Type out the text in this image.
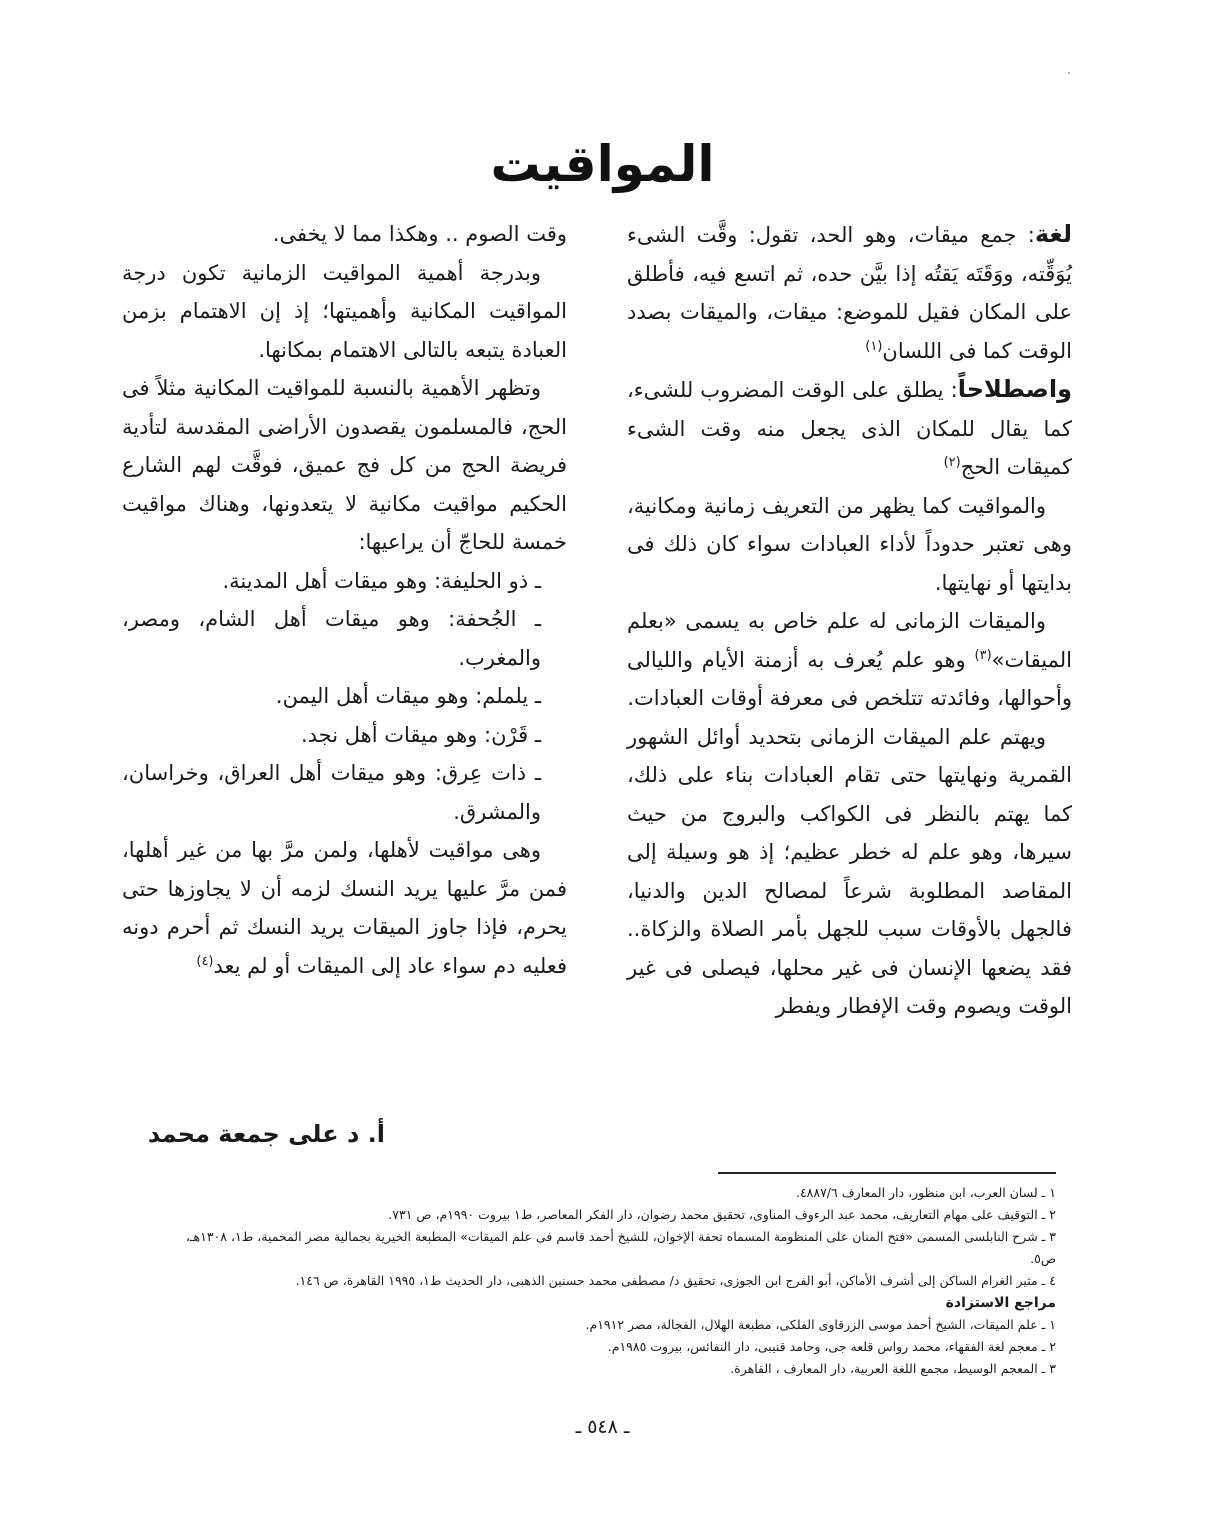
المواقيت

لغة: جمع ميقات، وهو الحد، تقول: وقَّت الشىء يُوَقِّته، ووَقَتَه يَقتُه إذا بيَّن حده، ثم اتسع فيه، فأطلق على المكان فقيل للموضع: ميقات، والميقات بصدد الوقت كما فى اللسان$^{(١)}$

واصطلاحاً: يطلق على الوقت المضروب للشىء، كما يقال للمكان الذى يجعل منه وقت الشىء كميقات الحج$^{(٢)}$

والمواقيت كما يظهر من التعريف زمانية ومكانية، وهى تعتبر حدوداً لأداء العبادات سواء كان ذلك فى بدايتها أو نهايتها.

والميقات الزمانى له علم خاص به يسمى «بعلم الميقات»$^{(٣)}$ وهو علم يُعرف به أزمنة الأيام والليالى وأحوالها، وفائدته تتلخص فى معرفة أوقات العبادات.

ويهتم علم الميقات الزمانى بتحديد أوائل الشهور القمرية ونهايتها حتى تقام العبادات بناء على ذلك، كما يهتم بالنظر فى الكواكب والبروج من حيث سيرها، وهو علم له خطر عظيم؛ إذ هو وسيلة إلى المقاصد المطلوبة شرعاً لمصالح الدين والدنيا، فالجهل بالأوقات سبب للجهل بأمر الصلاة والزكاة.. فقد يضعها الإنسان فى غير محلها، فيصلى فى غير الوقت ويصوم وقت الإفطار ويفطر

وقت الصوم .. وهكذا مما لا يخفى.

وبدرجة أهمية المواقيت الزمانية تكون درجة المواقيت المكانية وأهميتها؛ إذ إن الاهتمام بزمن العبادة يتبعه بالتالى الاهتمام بمكانها.

وتظهر الأهمية بالنسبة للمواقيت المكانية مثلاً فى الحج، فالمسلمون يقصدون الأراضى المقدسة لتأدية فريضة الحج من كل فج عميق، فوقَّت لهم الشارع الحكيم مواقيت مكانية لا يتعدونها، وهناك مواقيت خمسة للحاجّ أن يراعيها:

ـ ذو الحليفة: وهو ميقات أهل المدينة.

ـ الجُحفة: وهو ميقات أهل الشام، ومصر، والمغرب.

ـ يلملم: وهو ميقات أهل اليمن.

ـ قَرْن: وهو ميقات أهل نجد.

ـ ذات عِرق: وهو ميقات أهل العراق، وخراسان، والمشرق.

وهى مواقيت لأهلها، ولمن مرَّ بها من غير أهلها، فمن مرَّ عليها يريد النسك لزمه أن لا يجاوزها حتى يحرم، فإذا جاوز الميقات يريد النسك ثم أحرم دونه فعليه دم سواء عاد إلى الميقات أو لم يعد$^{(٤)}$

أ. د على جمعة محمد

١ ـ لسان العرب، ابن منظور، دار المعارف ٤٨٨٧/٦.

٢ ـ التوقيف على مهام التعاريف، محمد عبد الرءوف المناوى، تحقيق محمد رضوان، دار الفكر المعاصر، ط١ بيروت ١٩٩٠م، ص ٧٣١.

٣ ـ شرح النابلسى المسمى «فتح المنان على المنظومة المسماه تحفة الإخوان، للشيخ أحمد قاسم فى علم الميقات» المطبعة الخيرية بجمالية مصر المحمية، ط١، ١٣٠٨هـ، ص٥.

٤ ـ مثير الغرام الساكن إلى أشرف الأماكن، أبو الفرج ابن الجوزى، تحقيق د/ مصطفى محمد حسنين الذهبى، دار الحديث ط١، ١٩٩٥ القاهرة، ص ١٤٦.

مراجع الاستزادة

١ ـ علم الميقات، الشيخ أحمد موسى الزرقاوى الفلكى، مطبعة الهلال، الفجالة، مصر ١٩١٢م.

٢ ـ معجم لغة الفقهاء، محمد رواس قلعه جى، وحامد قنيبى، دار النفائس، بيروت ١٩٨٥م.

٣ ـ المعجم الوسيط، مجمع اللغة العربية، دار المعارف ، القاهرة.

ـ ٥٤٨ ـ
